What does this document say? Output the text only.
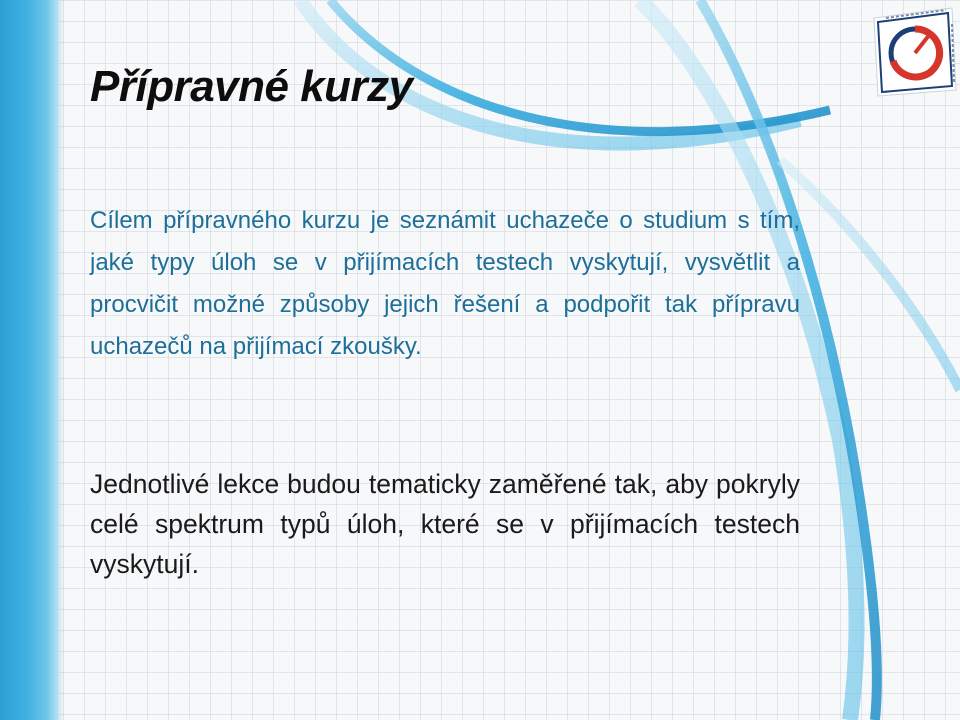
Přípravné kurzy

Cílem přípravného kurzu je seznámit uchazeče o studium s tím, jaké typy úloh se v přijímacích testech vyskytují, vysvětlit a procvičit možné způsoby jejich řešení a podpořit tak přípravu uchazečů na přijímací zkoušky.

Jednotlivé lekce budou tematicky zaměřené tak, aby pokryly celé spektrum typů úloh, které se v přijímacích testech vyskytují.
